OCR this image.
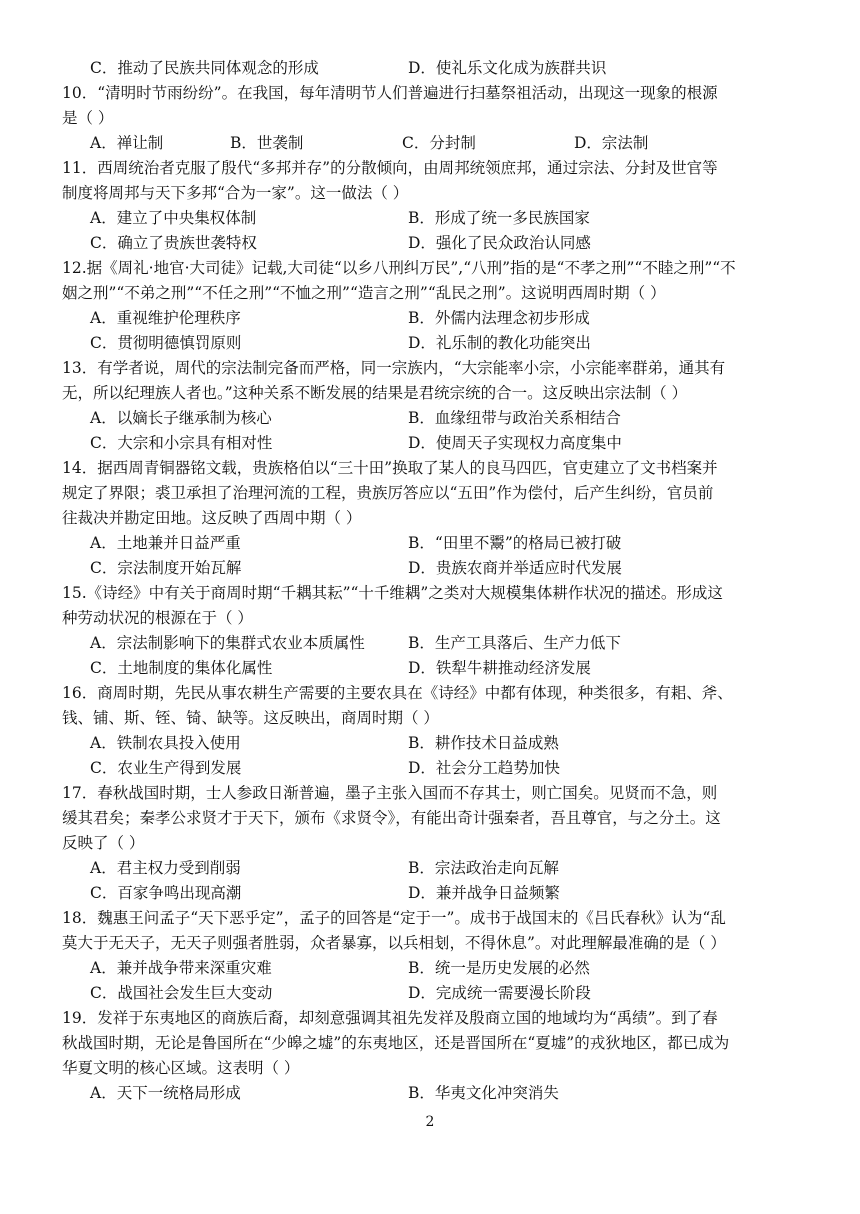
C．推动了民族共同体观念的形成	D．使礼乐文化成为族群共识
10．“清明时节雨纷纷”。在我国，每年清明节人们普遍进行扫墓祭祖活动，出现这一现象的根源
是（ ）
A．禅让制	B．世袭制	C．分封制	D．宗法制
11．西周统治者克服了殷代“多邦并存”的分散倾向，由周邦统领庶邦，通过宗法、分封及世官等
制度将周邦与天下多邦“合为一家”。这一做法（ ）
A．建立了中央集权体制	B．形成了统一多民族国家
C．确立了贵族世袭特权	D．强化了民众政治认同感
12.据《周礼·地官·大司徒》记载,大司徒“以乡八刑纠万民”,“八刑”指的是“不孝之刑”“不睦之刑”“不
姻之刑”“不弟之刑”“不任之刑”“不恤之刑”“造言之刑”“乱民之刑”。这说明西周时期（ ）
A．重视维护伦理秩序	B．外儒内法理念初步形成
C．贯彻明德慎罚原则	D．礼乐制的教化功能突出
13．有学者说，周代的宗法制完备而严格，同一宗族内，“大宗能率小宗，小宗能率群弟，通其有
无，所以纪理族人者也。”这种关系不断发展的结果是君统宗统的合一。这反映出宗法制（ ）
A．以嫡长子继承制为核心	B．血缘纽带与政治关系相结合
C．大宗和小宗具有相对性	D．使周天子实现权力高度集中
14．据西周青铜器铭文载，贵族格伯以“三十田”换取了某人的良马四匹，官吏建立了文书档案并
规定了界限；裘卫承担了治理河流的工程，贵族厉答应以“五田”作为偿付，后产生纠纷，官员前
往裁决并勘定田地。这反映了西周中期（ ）
A．土地兼并日益严重	B．“田里不鬻”的格局已被打破
C．宗法制度开始瓦解	D．贵族农商并举适应时代发展
15.《诗经》中有关于商周时期“千耦其耘”“十千维耦”之类对大规模集体耕作状况的描述。形成这
种劳动状况的根源在于（ ）
A．宗法制影响下的集群式农业本质属性	B．生产工具落后、生产力低下
C．土地制度的集体化属性	D．铁犁牛耕推动经济发展
16．商周时期，先民从事农耕生产需要的主要农具在《诗经》中都有体现，种类很多，有耜、斧、
钱、铺、斯、铚、锜、缺等。这反映出，商周时期（ ）
A．铁制农具投入使用	B．耕作技术日益成熟
C．农业生产得到发展	D．社会分工趋势加快
17．春秋战国时期，士人参政日渐普遍，墨子主张入国而不存其士，则亡国矣。见贤而不急，则
缓其君矣；秦孝公求贤才于天下，颁布《求贤令》，有能出奇计强秦者，吾且尊官，与之分土。这
反映了（ ）
A．君主权力受到削弱	B．宗法政治走向瓦解
C．百家争鸣出现高潮	D．兼并战争日益频繁
18．魏惠王问孟子“天下恶乎定”，孟子的回答是“定于一”。成书于战国末的《吕氏春秋》认为“乱
莫大于无天子，无天子则强者胜弱，众者暴寡，以兵相刬，不得休息”。对此理解最准确的是（ ）
A．兼并战争带来深重灾难	B．统一是历史发展的必然
C．战国社会发生巨大变动	D．完成统一需要漫长阶段
19．发祥于东夷地区的商族后裔，却刻意强调其祖先发祥及殷商立国的地域均为“禹绩”。到了春
秋战国时期，无论是鲁国所在“少皞之墟”的东夷地区，还是晋国所在“夏墟”的戎狄地区，都已成为
华夏文明的核心区域。这表明（ ）
A．天下一统格局形成	B．华夷文化冲突消失
2
